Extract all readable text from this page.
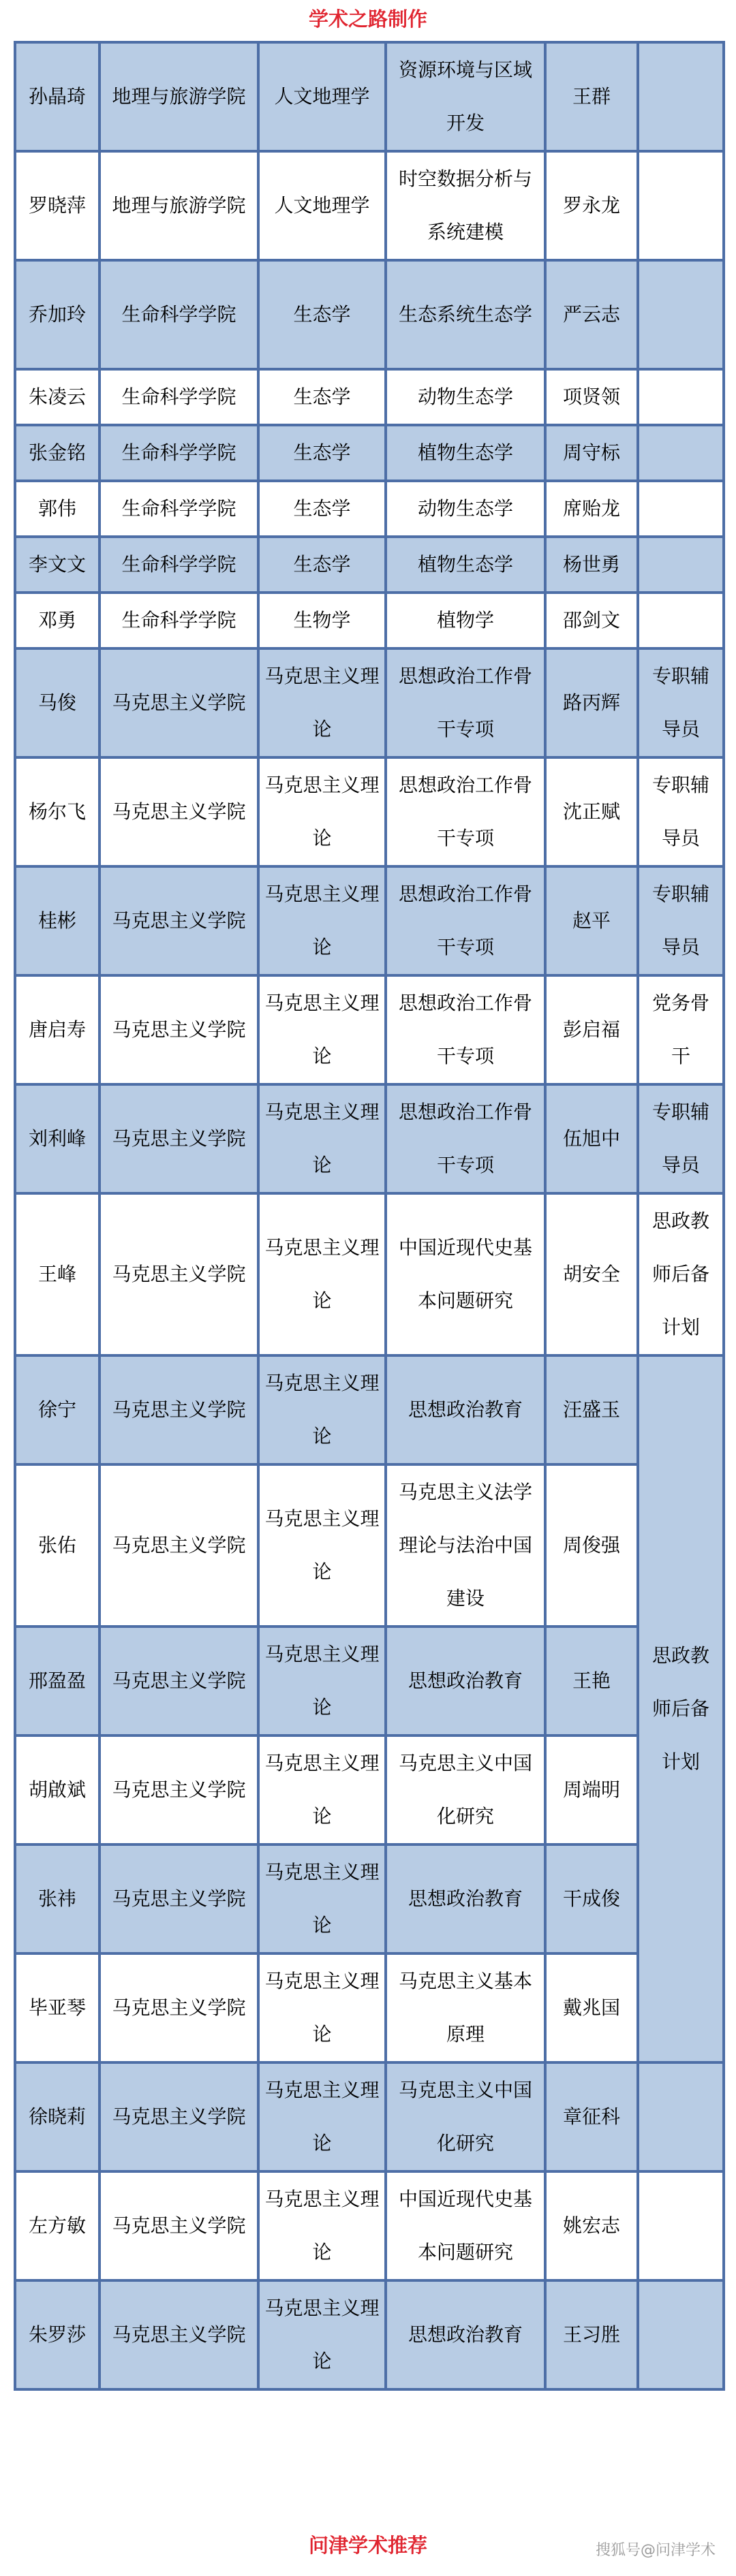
学术之路制作
孙晶琦	地理与旅游学院	人文地理学	资源环境与区域开发	王群	
罗晓萍	地理与旅游学院	人文地理学	时空数据分析与系统建模	罗永龙	
乔加玲	生命科学学院	生态学	生态系统生态学	严云志	
朱凌云	生命科学学院	生态学	动物生态学	项贤领	
张金铭	生命科学学院	生态学	植物生态学	周守标	
郭伟	生命科学学院	生态学	动物生态学	席贻龙	
李文文	生命科学学院	生态学	植物生态学	杨世勇	
邓勇	生命科学学院	生物学	植物学	邵剑文	
马俊	马克思主义学院	马克思主义理论	思想政治工作骨干专项	路丙辉	专职辅导员
杨尔飞	马克思主义学院	马克思主义理论	思想政治工作骨干专项	沈正赋	专职辅导员
桂彬	马克思主义学院	马克思主义理论	思想政治工作骨干专项	赵平	专职辅导员
唐启寿	马克思主义学院	马克思主义理论	思想政治工作骨干专项	彭启福	党务骨干
刘利峰	马克思主义学院	马克思主义理论	思想政治工作骨干专项	伍旭中	专职辅导员
王峰	马克思主义学院	马克思主义理论	中国近现代史基本问题研究	胡安全	思政教师后备计划
徐宁	马克思主义学院	马克思主义理论	思想政治教育	汪盛玉	思政教师后备计划
张佑	马克思主义学院	马克思主义理论	马克思主义法学理论与法治中国建设	周俊强	
邢盈盈	马克思主义学院	马克思主义理论	思想政治教育	王艳	
胡啟斌	马克思主义学院	马克思主义理论	马克思主义中国化研究	周端明	
张祎	马克思主义学院	马克思主义理论	思想政治教育	干成俊	
毕亚琴	马克思主义学院	马克思主义理论	马克思主义基本原理	戴兆国	
徐晓莉	马克思主义学院	马克思主义理论	马克思主义中国化研究	章征科	
左方敏	马克思主义学院	马克思主义理论	中国近现代史基本问题研究	姚宏志	
朱罗莎	马克思主义学院	马克思主义理论	思想政治教育	王习胜	
问津学术推荐	搜狐号@问津学术
